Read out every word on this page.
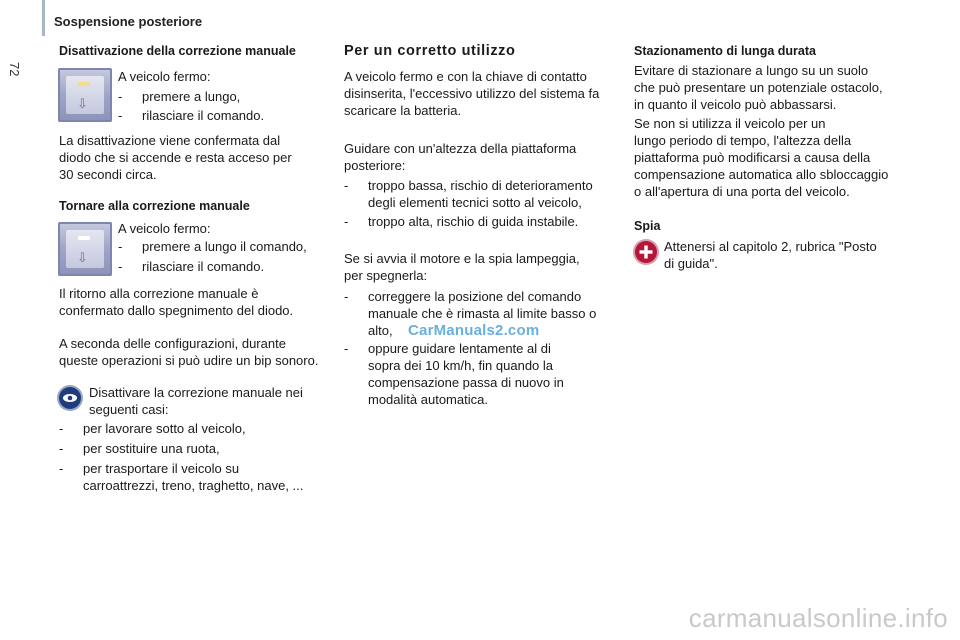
Sospensione posteriore
72
Disattivazione della correzione manuale
⇩

A veicolo fermo:

-	premere a lungo,
-	rilasciare il comando.

La disattivazione viene confermata dal

diodo che si accende e resta acceso per

30 secondi circa.

Tornare alla correzione manuale
⇩

A veicolo fermo:

-	premere a lungo il comando,
-	rilasciare il comando.

Il ritorno alla correzione manuale è

confermato dallo spegnimento del diodo.

A seconda delle configurazioni, durante

queste operazioni si può udire un bip sonoro.

Disattivare la correzione manuale nei

seguenti casi:

-	per lavorare sotto al veicolo,
-	per sostituire una ruota,
-	per trasportare il veicolo su
carroattrezzi, treno, traghetto, nave, ...
Per un corretto utilizzo

A veicolo fermo e con la chiave di contatto

disinserita, l'eccessivo utilizzo del sistema fa

scaricare la batteria.

Guidare con un'altezza della piattaforma

posteriore:

-	troppo bassa, rischio di deterioramento
degli elementi tecnici sotto al veicolo,
-	troppo alta, rischio di guida instabile.

Se si avvia il motore e la spia lampeggia,

per spegnerla:

-	correggere la posizione del comando
manuale che è rimasta al limite basso o
alto,
-	oppure guidare lentamente al di
sopra dei 10 km/h, fin quando la
compensazione passa di nuovo in
modalità automatica.
CarManuals2.com
Stazionamento di lunga durata

Evitare di stazionare a lungo su un suolo

che può presentare un potenziale ostacolo,

in quanto il veicolo può abbassarsi.

Se non si utilizza il veicolo per un

lungo periodo di tempo, l'altezza della

piattaforma può modificarsi a causa della

compensazione automatica allo sbloccaggio

o all'apertura di una porta del veicolo.

Spia

Attenersi al capitolo 2, rubrica "Posto

di guida".

carmanualsonline.info
